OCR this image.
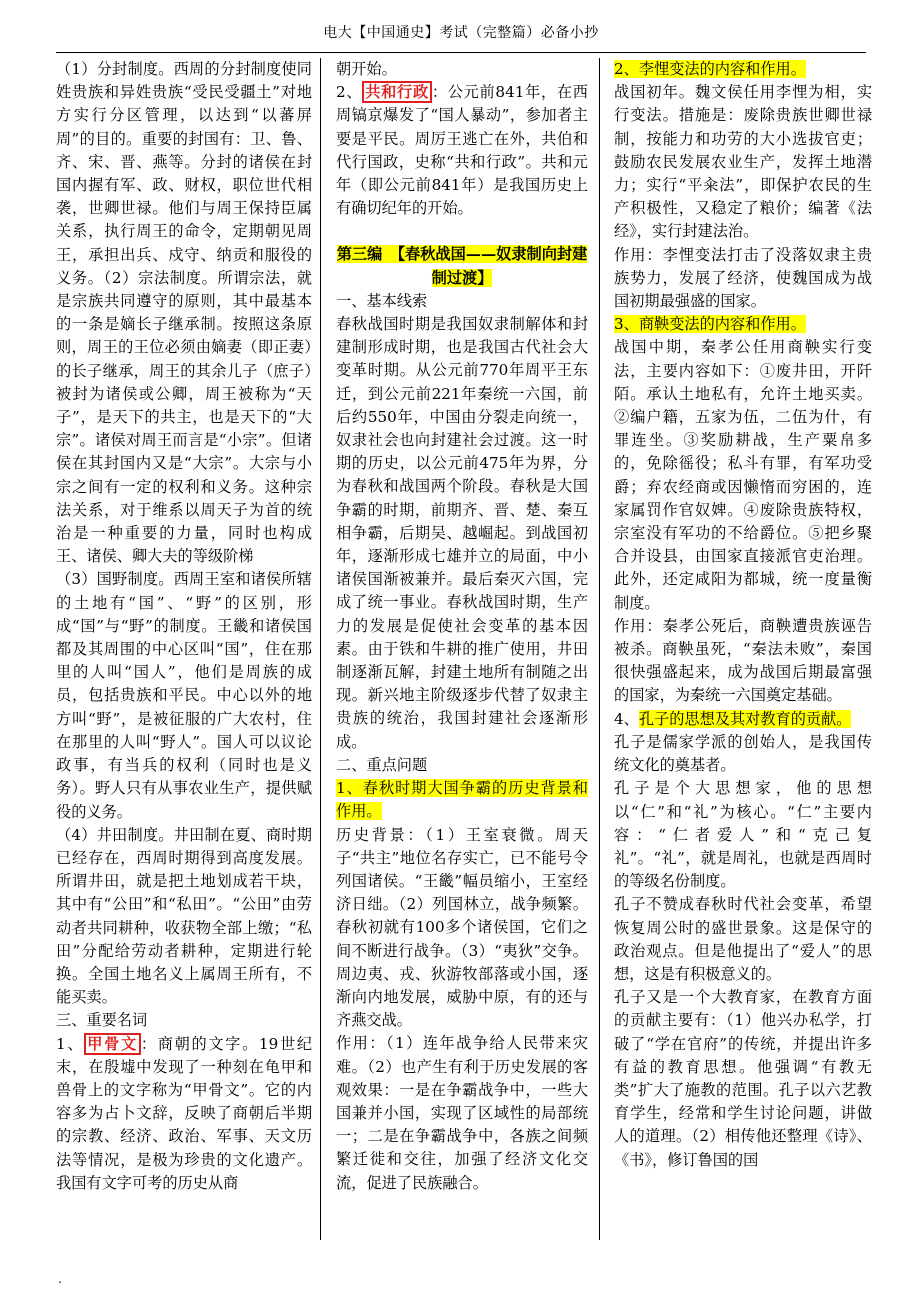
电大【中国通史】考试（完整篇）必备小抄
（1）分封制度。西周的分封制度使同姓贵族和异姓贵族“受民受疆土”对地方实行分区管理，以达到“以蕃屏周”的目的。重要的封国有：卫、鲁、齐、宋、晋、燕等。分封的诸侯在封国内握有军、政、财权，职位世代相袭，世卿世禄。他们与周王保持臣属关系，执行周王的命令，定期朝见周王，承担出兵、戍守、纳贡和服役的义务。（2）宗法制度。所谓宗法，就是宗族共同遵守的原则，其中最基本的一条是嫡长子继承制。按照这条原则，周王的王位必须由嫡妻（即正妻）的长子继承，周王的其余儿子（庶子）被封为诸侯或公卿，周王被称为“天子”，是天下的共主，也是天下的“大宗”。诸侯对周王而言是“小宗”。但诸侯在其封国内又是“大宗”。大宗与小宗之间有一定的权利和义务。这种宗法关系，对于维系以周天子为首的统治是一种重要的力量，同时也构成王、诸侯、卿大夫的等级阶梯
（3）国野制度。西周王室和诸侯所辖的土地有“国”、“野”的区别，形成“国”与“野”的制度。王畿和诸侯国都及其周围的中心区叫“国”，住在那里的人叫“国人”，他们是周族的成员，包括贵族和平民。中心以外的地方叫“野”，是被征服的广大农村，住在那里的人叫“野人”。国人可以议论政事，有当兵的权利（同时也是义务）。野人只有从事农业生产，提供赋役的义务。
（4）井田制度。井田制在夏、商时期已经存在，西周时期得到高度发展。所谓井田，就是把土地划成若干块，其中有“公田”和“私田”。“公田”由劳动者共同耕种，收获物全部上缴；“私田”分配给劳动者耕种，定期进行轮换。全国土地名义上属周王所有，不能买卖。
三、重要名词
1、 甲骨文 ：商朝的文字。19世纪末，在殷墟中发现了一种刻在龟甲和兽骨上的文字称为“甲骨文”。它的内容多为占卜文辞，反映了商朝后半期的宗教、经济、政治、军事、天文历法等情况，是极为珍贵的文化遗产。我国有文字可考的历史从商
朝开始。
2、 共和行政 ：公元前841年，在西周镐京爆发了“国人暴动”，参加者主要是平民。周厉王逃亡在外，共伯和代行国政，史称“共和行政”。共和元年（即公元前841年）是我国历史上有确切纪年的开始。
第三编　【春秋战国——奴隶制向封建制过渡】
一、基本线索
春秋战国时期是我国奴隶制解体和封建制形成时期，也是我国古代社会大变革时期。从公元前770年周平王东迁，到公元前221年秦统一六国，前后约550年，中国由分裂走向统一，奴隶社会也向封建社会过渡。这一时期的历史，以公元前475年为界，分为春秋和战国两个阶段。春秋是大国争霸的时期，前期齐、晋、楚、秦互相争霸，后期吴、越崛起。到战国初年，逐渐形成七雄并立的局面，中小诸侯国渐被兼并。最后秦灭六国，完成了统一事业。春秋战国时期，生产力的发展是促使社会变革的基本因素。由于铁和牛耕的推广使用，井田制逐渐瓦解，封建土地所有制随之出现。新兴地主阶级逐步代替了奴隶主贵族的统治，我国封建社会逐渐形成。
二、重点问题
1、春秋时期大国争霸的历史背景和作用。
历史背景：（1）王室衰微。周天子“共主”地位名存实亡，已不能号令列国诸侯。“王畿”幅员缩小，王室经济日绌。（2）列国林立，战争频繁。春秋初就有100多个诸侯国，它们之间不断进行战争。（3）“夷狄”交争。周边夷、戎、狄游牧部落或小国，逐渐向内地发展，威胁中原，有的还与齐燕交战。
作用：（1）连年战争给人民带来灾难。（2）也产生有利于历史发展的客观效果：一是在争霸战争中，一些大国兼并小国，实现了区域性的局部统一；二是在争霸战争中，各族之间频繁迁徙和交往，加强了经济文化交流，促进了民族融合。
2、李悝变法的内容和作用。
战国初年。魏文侯任用李悝为相，实行变法。措施是：废除贵族世卿世禄制，按能力和功劳的大小选拔官吏；鼓励农民发展农业生产，发挥土地潜力；实行“平籴法”，即保护农民的生产积极性，又稳定了粮价；编著《法经》，实行封建法治。
作用：李悝变法打击了没落奴隶主贵族势力，发展了经济，使魏国成为战国初期最强盛的国家。
3、商鞅变法的内容和作用。
战国中期，秦孝公任用商鞅实行变法，主要内容如下：①废井田，开阡陌。承认土地私有，允许土地买卖。②编户籍，五家为伍，二伍为什，有罪连坐。③奖励耕战，生产粟帛多的，免除徭役；私斗有罪，有军功受爵；弃农经商或因懒惰而穷困的，连家属罚作官奴婢。④废除贵族特权，宗室没有军功的不给爵位。⑤把乡聚合并设县，由国家直接派官吏治理。此外，还定咸阳为都城，统一度量衡制度。
作用：秦孝公死后，商鞅遭贵族诬告被杀。商鞅虽死，“秦法未败”，秦国很快强盛起来，成为战国后期最富强的国家，为秦统一六国奠定基础。
4、孔子的思想及其对教育的贡献。
孔子是儒家学派的创始人，是我国传统文化的奠基者。
孔子是个大思想家，他的思想以“仁”和“礼”为核心。“仁”主要内容：“仁者爱人”和“克己复礼”。“礼”，就是周礼，也就是西周时的等级名份制度。
孔子不赞成春秋时代社会变革，希望恢复周公时的盛世景象。这是保守的政治观点。但是他提出了“爱人”的思想，这是有积极意义的。
孔子又是一个大教育家，在教育方面的贡献主要有：（1）他兴办私学，打破了“学在官府”的传统，并提出许多有益的教育思想。他强调“有教无类”扩大了施教的范围。孔子以六艺教育学生，经常和学生讨论问题，讲做人的道理。（2）相传他还整理《诗》、《书》，修订鲁国的国
.
